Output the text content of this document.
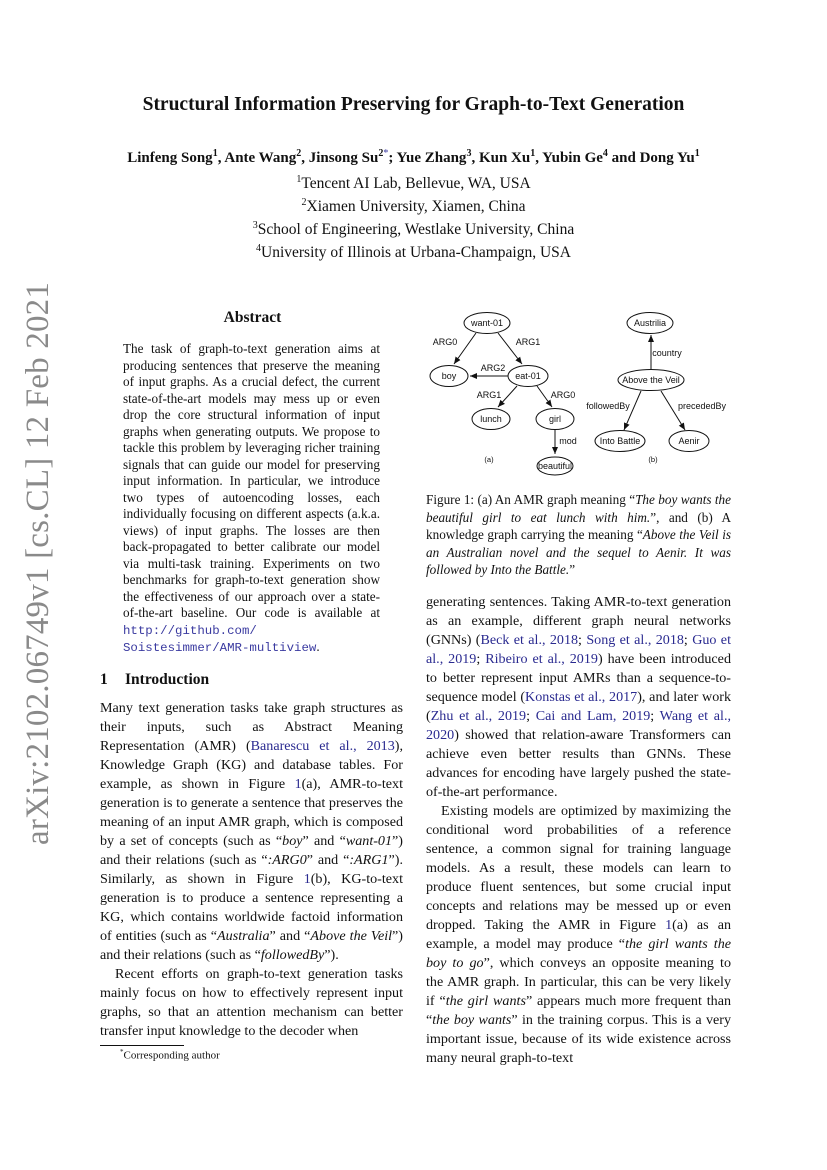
arXiv:2102.06749v1 [cs.CL] 12 Feb 2021
Structural Information Preserving for Graph-to-Text Generation
Linfeng Song$^1$, Ante Wang$^2$, Jinsong $Su^{2*}$; Yue Zhang$^3$, Kun Xu$^1$, Yubin Ge$^4$ and Dong Yu$^1$
$^1$Tencent AI Lab, Bellevue, WA, USA
$^2$Xiamen University, Xiamen, China
$^3$School of Engineering, Westlake University, China
$^4$University of Illinois at Urbana-Champaign, USA
Abstract
The task of graph-to-text generation aims at producing sentences that preserve the meaning of input graphs. As a crucial defect, the current state-of-the-art models may mess up or even drop the core structural information of input graphs when generating outputs. We propose to tackle this problem by leveraging richer training signals that can guide our model for preserving input information. In particular, we introduce two types of autoencoding losses, each individually focusing on different aspects (a.k.a. views) of input graphs. The losses are then back-propagated to better calibrate our model via multi-task training. Experiments on two benchmarks for graph-to-text generation show the effectiveness of our approach over a state-of-the-art baseline. Our code is available at http://github.com/
Soistesimmer/AMR-multiview.
1 Introduction

Many text generation tasks take graph structures as their inputs, such as Abstract Meaning Representation (AMR) (Banarescu et al., 2013), Knowledge Graph (KG) and database tables. For example, as shown in Figure 1(a), AMR-to-text generation is to generate a sentence that preserves the meaning of an input AMR graph, which is composed by a set of concepts (such as “boy” and “want-01”) and their relations (such as “:ARG0” and “:ARG1”). Similarly, as shown in Figure 1(b), KG-to-text generation is to produce a sentence representing a KG, which contains worldwide factoid information of entities (such as “Australia” and “Above the Veil”) and their relations (such as “followedBy”).

Recent efforts on graph-to-text generation tasks mainly focus on how to effectively represent input graphs, so that an attention mechanism can better transfer input knowledge to the decoder when

*Corresponding author
want-01
boy	eat-01
lunch	girl
beautiful
ARG0	ARG1
ARG2
ARG1	ARG0
mod
(a)
Austrilia
Above the Veil
Into Battle	Aenir
country
followedBy	precededBy
(b)
Figure 1: (a) An AMR graph meaning “The boy wants the beautiful girl to eat lunch with him.”, and (b) A knowledge graph carrying the meaning “Above the Veil is an Australian novel and the sequel to Aenir. It was followed by Into the Battle.”

generating sentences. Taking AMR-to-text generation as an example, different graph neural networks (GNNs) (Beck et al., 2018; Song et al., 2018; Guo et al., 2019; Ribeiro et al., 2019) have been introduced to better represent input AMRs than a sequence-to-sequence model (Konstas et al., 2017), and later work (Zhu et al., 2019; Cai and Lam, 2019; Wang et al., 2020) showed that relation-aware Transformers can achieve even better results than GNNs. These advances for encoding have largely pushed the state-of-the-art performance.

Existing models are optimized by maximizing the conditional word probabilities of a reference sentence, a common signal for training language models. As a result, these models can learn to produce fluent sentences, but some crucial input concepts and relations may be messed up or even dropped. Taking the AMR in Figure 1(a) as an example, a model may produce “the girl wants the boy to go”, which conveys an opposite meaning to the AMR graph. In particular, this can be very likely if “the girl wants” appears much more frequent than “the boy wants” in the training corpus. This is a very important issue, because of its wide existence across many neural graph-to-text
